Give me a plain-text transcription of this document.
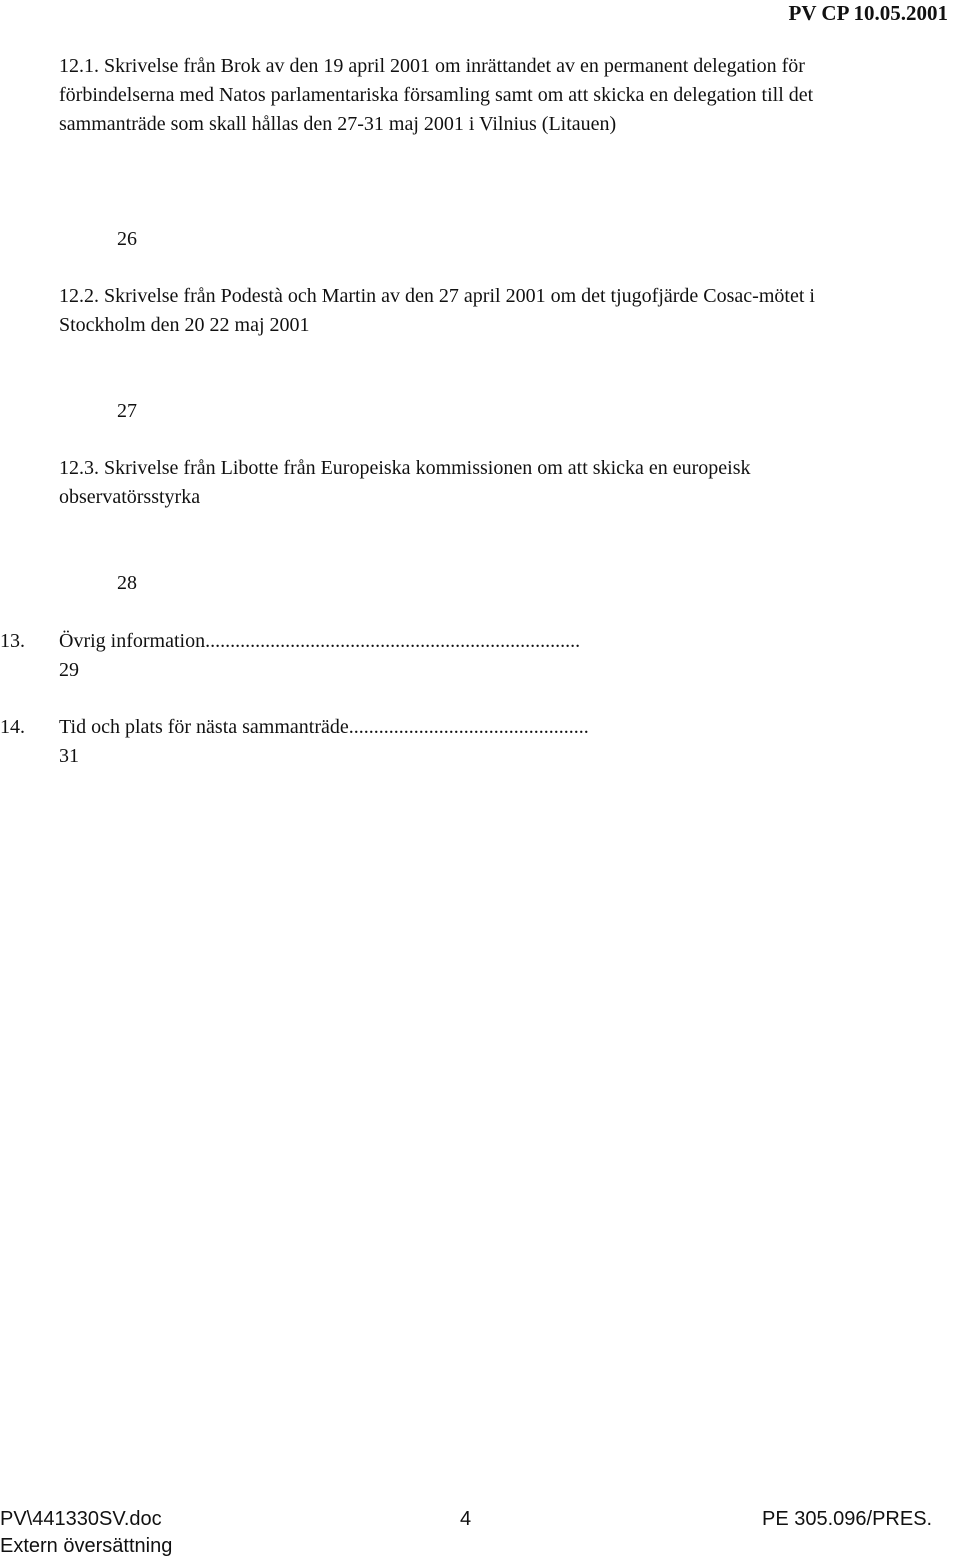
PV CP 10.05.2001
12.1. Skrivelse från Brok av den 19 april 2001 om inrättandet av en permanent delegation för förbindelserna med Natos parlamentariska församling samt om att skicka en delegation till det sammanträde som skall hållas den 27-31 maj 2001 i Vilnius (Litauen)
26
12.2. Skrivelse från Podestà och Martin av den 27 april 2001 om det tjugofjärde Cosac-mötet i Stockholm den 20 22 maj 2001
27
12.3. Skrivelse från Libotte från Europeiska kommissionen om att skicka en europeisk observatörsstyrka
28
13. Övrig information...........................................................................
29
14. Tid och plats för nästa sammanträde................................................
31
PV\441330SV.doc	4	PE 305.096/PRES.
Extern översättning
